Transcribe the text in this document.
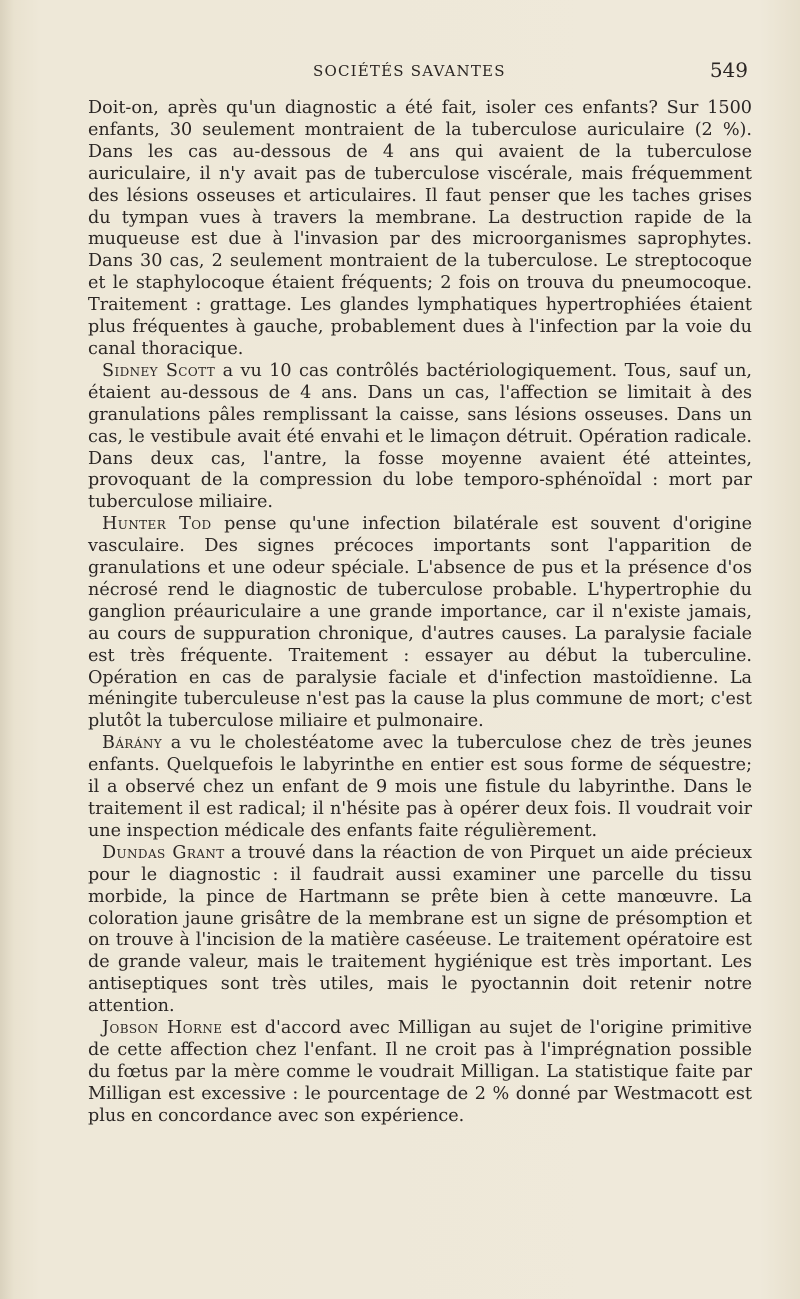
SOCIÉTÉS SAVANTES	549

Doit-on, après qu'un diagnostic a été fait, isoler ces enfants? Sur 1500 enfants, 30 seulement montraient de la tuberculose auriculaire (2 %). Dans les cas au-dessous de 4 ans qui avaient de la tuberculose auriculaire, il n'y avait pas de tuberculose viscérale, mais fréquemment des lésions osseuses et articulaires. Il faut penser que les taches grises du tympan vues à travers la membrane. La destruction rapide de la muqueuse est due à l'invasion par des microorganismes saprophytes. Dans 30 cas, 2 seulement montraient de la tuberculose. Le streptocoque et le staphylocoque étaient fréquents; 2 fois on trouva du pneumocoque. Traitement : grattage. Les glandes lymphatiques hypertrophiées étaient plus fréquentes à gauche, probablement dues à l'infection par la voie du canal thoracique.

Sidney Scott a vu 10 cas contrôlés bactériologiquement. Tous, sauf un, étaient au-dessous de 4 ans. Dans un cas, l'affection se limitait à des granulations pâles remplissant la caisse, sans lésions osseuses. Dans un cas, le vestibule avait été envahi et le limaçon détruit. Opération radicale. Dans deux cas, l'antre, la fosse moyenne avaient été atteintes, provoquant de la compression du lobe temporo-sphénoïdal : mort par tuberculose miliaire.

Hunter Tod pense qu'une infection bilatérale est souvent d'origine vasculaire. Des signes précoces importants sont l'apparition de granulations et une odeur spéciale. L'absence de pus et la présence d'os nécrosé rend le diagnostic de tuberculose probable. L'hypertrophie du ganglion préauriculaire a une grande importance, car il n'existe jamais, au cours de suppuration chronique, d'autres causes. La paralysie faciale est très fréquente. Traitement : essayer au début la tuberculine. Opération en cas de paralysie faciale et d'infection mastoïdienne. La méningite tuberculeuse n'est pas la cause la plus commune de mort; c'est plutôt la tuberculose miliaire et pulmonaire.

Bárány a vu le cholestéatome avec la tuberculose chez de très jeunes enfants. Quelquefois le labyrinthe en entier est sous forme de séquestre; il a observé chez un enfant de 9 mois une fistule du labyrinthe. Dans le traitement il est radical; il n'hésite pas à opérer deux fois. Il voudrait voir une inspection médicale des enfants faite régulièrement.

Dundas Grant a trouvé dans la réaction de von Pirquet un aide précieux pour le diagnostic : il faudrait aussi examiner une parcelle du tissu morbide, la pince de Hartmann se prête bien à cette manœuvre. La coloration jaune grisâtre de la membrane est un signe de présomption et on trouve à l'incision de la matière caséeuse. Le traitement opératoire est de grande valeur, mais le traitement hygiénique est très important. Les antiseptiques sont très utiles, mais le pyoctannin doit retenir notre attention.

Jobson Horne est d'accord avec Milligan au sujet de l'origine primitive de cette affection chez l'enfant. Il ne croit pas à l'imprégnation possible du fœtus par la mère comme le voudrait Milligan. La statistique faite par Milligan est excessive : le pourcentage de 2 % donné par Westmacott est plus en concordance avec son expérience.
